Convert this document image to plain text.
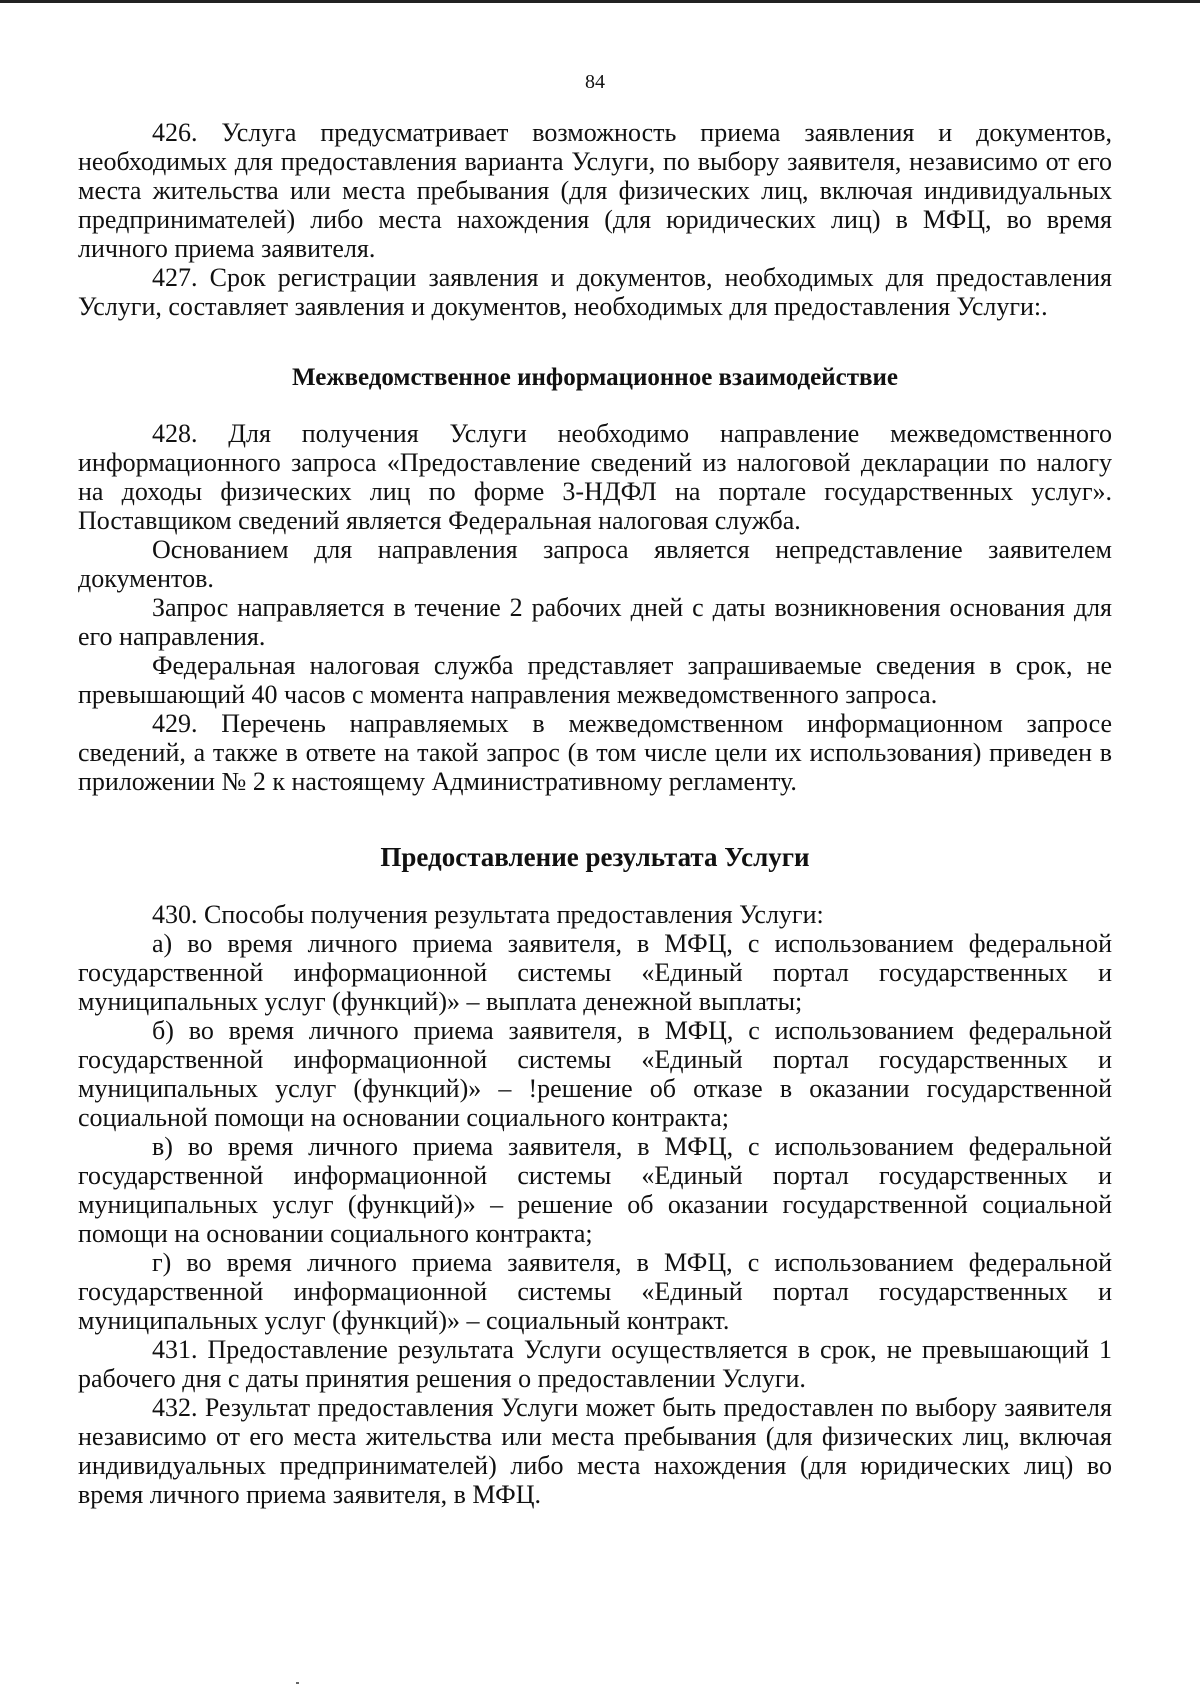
84

426. Услуга предусматривает возможность приема заявления и документов, необходимых для предоставления варианта Услуги, по выбору заявителя, независимо от его места жительства или места пребывания (для физических лиц, включая индивидуальных предпринимателей) либо места нахождения (для юридических лиц) в МФЦ, во время личного приема заявителя.

427. Срок регистрации заявления и документов, необходимых для предоставления Услуги, составляет заявления и документов, необходимых для предоставления Услуги:.

Межведомственное информационное взаимодействие

428. Для получения Услуги необходимо направление межведомственного информационного запроса «Предоставление сведений из налоговой декларации по налогу на доходы физических лиц по форме 3-НДФЛ на портале государственных услуг». Поставщиком сведений является Федеральная налоговая служба.

Основанием для направления запроса является непредставление заявителем документов.

Запрос направляется в течение 2 рабочих дней с даты возникновения основания для его направления.

Федеральная налоговая служба представляет запрашиваемые сведения в срок, не превышающий 40 часов с момента направления межведомственного запроса.

429. Перечень направляемых в межведомственном информационном запросе сведений, а также в ответе на такой запрос (в том числе цели их использования) приведен в приложении № 2 к настоящему Административному регламенту.

Предоставление результата Услуги

430. Способы получения результата предоставления Услуги:

а) во время личного приема заявителя, в МФЦ, с использованием федеральной государственной информационной системы «Единый портал государственных и муниципальных услуг (функций)» – выплата денежной выплаты;

б) во время личного приема заявителя, в МФЦ, с использованием федеральной государственной информационной системы «Единый портал государственных и муниципальных услуг (функций)» – !решение об отказе в оказании государственной социальной помощи на основании социального контракта;

в) во время личного приема заявителя, в МФЦ, с использованием федеральной государственной информационной системы «Единый портал государственных и муниципальных услуг (функций)» – решение об оказании государственной социальной помощи на основании социального контракта;

г) во время личного приема заявителя, в МФЦ, с использованием федеральной государственной информационной системы «Единый портал государственных и муниципальных услуг (функций)» – социальный контракт.

431. Предоставление результата Услуги осуществляется в срок, не превышающий 1 рабочего дня с даты принятия решения о предоставлении Услуги.

432. Результат предоставления Услуги может быть предоставлен по выбору заявителя независимо от его места жительства или места пребывания (для физических лиц, включая индивидуальных предпринимателей) либо места нахождения (для юридических лиц) во время личного приема заявителя, в МФЦ.
